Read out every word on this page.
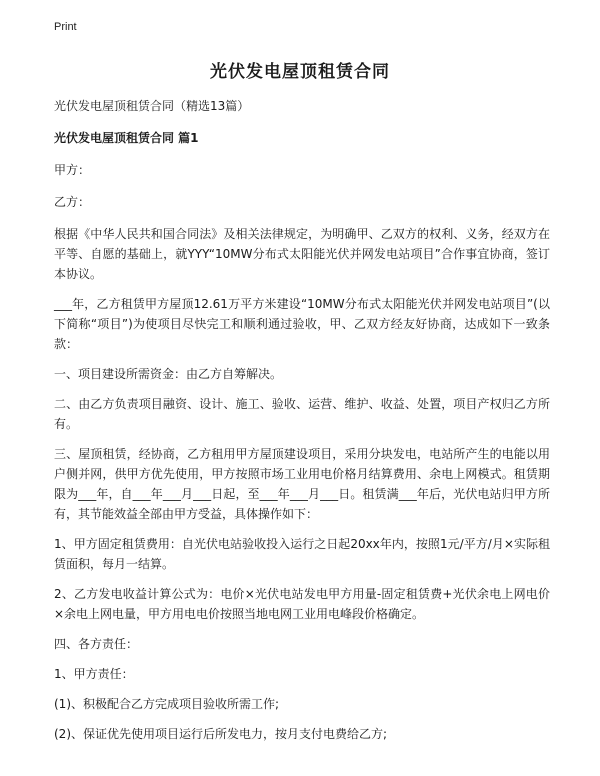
Print
光伏发电屋顶租赁合同

光伏发电屋顶租赁合同（精选13篇）

光伏发电屋顶租赁合同 篇1

甲方：

乙方：

根据《中华人民共和国合同法》及相关法律规定，为明确甲、乙双方的权利、义务，经双方在平等、自愿的基础上，就YYY“10MW分布式太阳能光伏并网发电站项目”合作事宜协商，签订本协议。

___年，乙方租赁甲方屋顶12.61万平方米建设“10MW分布式太阳能光伏并网发电站项目”(以下简称“项目”)为使项目尽快完工和顺利通过验收，甲、乙双方经友好协商，达成如下一致条款：

一、项目建设所需资金：由乙方自筹解决。

二、由乙方负责项目融资、设计、施工、验收、运营、维护、收益、处置，项目产权归乙方所有。

三、屋顶租赁，经协商，乙方租用甲方屋顶建设项目，采用分块发电，电站所产生的电能以用户侧并网，供甲方优先使用，甲方按照市场工业用电价格月结算费用、余电上网模式。租赁期限为___年，自___年___月___日起，至___年___月___日。租赁满___年后，光伏电站归甲方所有，其节能效益全部由甲方受益，具体操作如下：

1、甲方固定租赁费用：自光伏电站验收投入运行之日起20xx年内，按照1元/平方/月×实际租赁面积，每月一结算。

2、乙方发电收益计算公式为：电价×光伏电站发电甲方用量-固定租赁费+光伏余电上网电价×余电上网电量，甲方用电电价按照当地电网工业用电峰段价格确定。

四、各方责任：

1、甲方责任：

(1)、积极配合乙方完成项目验收所需工作;

(2)、保证优先使用项目运行后所发电力，按月支付电费给乙方;
